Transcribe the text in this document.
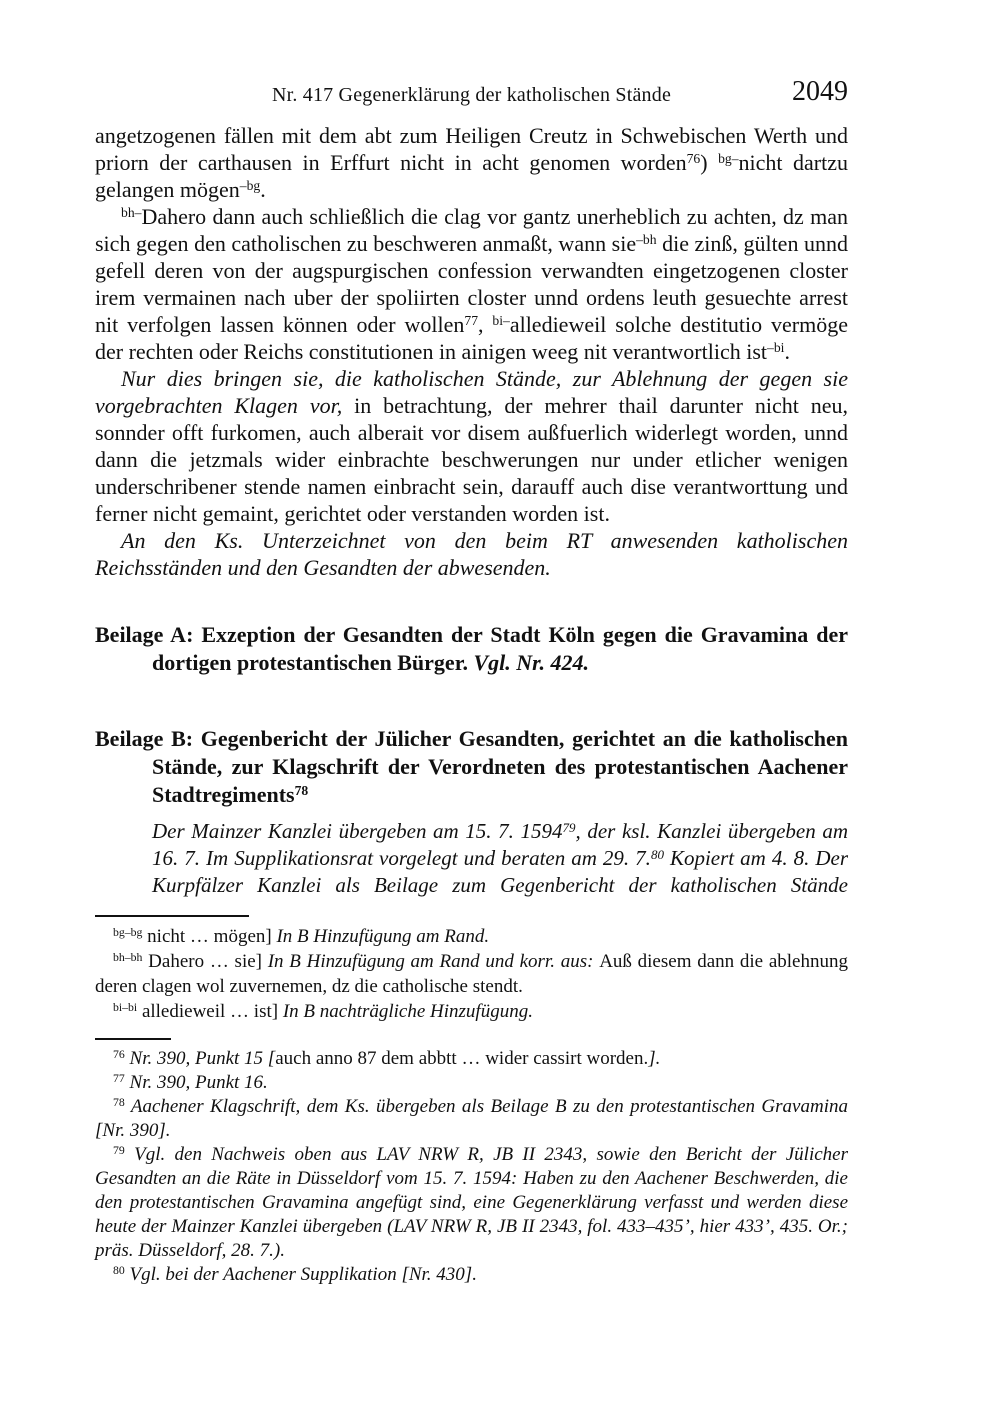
Nr. 417 Gegenerklärung der katholischen Stände	2049

angetzogenen fällen mit dem abt zum Heiligen Creutz in Schwebischen Werth und priorn der carthausen in Erffurt nicht in acht genomen worden$^{76}$) $^{bg-}$nicht dartzu gelangen mögen$^{-bg}$.

$^{bh-}$Dahero dann auch schließlich die clag vor gantz unerheblich zu achten, dz man sich gegen den catholischen zu beschweren anmaßt, wann sie$^{-bh}$ die zinß, gülten unnd gefell deren von der augspurgischen confession verwandten eingetzogenen closter irem vermainen nach uber der spoliirten closter unnd ordens leuth gesuechte arrest nit verfolgen lassen können oder wollen$^{77}$, $^{bi-}$alledieweil solche destitutio vermöge der rechten oder Reichs constitutionen in ainigen weeg nit verantwortlich ist$^{-bi}$.

Nur dies bringen sie, die katholischen Stände, zur Ablehnung der gegen sie vorgebrachten Klagen vor, in betrachtung, der mehrer thail darunter nicht neu, sonnder offt furkomen, auch alberait vor disem außfuerlich widerlegt worden, unnd dann die jetzmals wider einbrachte beschwerungen nur under etlicher wenigen underschribener stende namen einbracht sein, darauff auch dise verantworttung und ferner nicht gemaint, gerichtet oder verstanden worden ist.

An den Ks. Unterzeichnet von den beim RT anwesenden katholischen Reichsständen und den Gesandten der abwesenden.

Beilage A: Exzeption der Gesandten der Stadt Köln gegen die Gravamina der dortigen protestantischen Bürger. Vgl. Nr. 424.

Beilage B: Gegenbericht der Jülicher Gesandten, gerichtet an die katholischen Stände, zur Klagschrift der Verordneten des protestantischen Aachener Stadtregiments$^{78}$

Der Mainzer Kanzlei übergeben am 15. 7. 1594$^{79}$, der ksl. Kanzlei übergeben am 16. 7. Im Supplikationsrat vorgelegt und beraten am 29. 7.80 Kopiert am 4. 8. Der Kurpfälzer Kanzlei als Beilage zum Gegenbericht der katholischen Stände

$^{bg-bg}$ nicht … mögen] In B Hinzufügung am Rand.

$^{bh-bh}$ Dahero … sie] In B Hinzufügung am Rand und korr. aus: Auß diesem dann die ablehnung deren clagen wol zuvernemen, dz die catholische stendt.

$^{bi-bi}$ alledieweil … ist] In B nachträgliche Hinzufügung.

$^{76}$ Nr. 390, Punkt 15 [auch anno 87 dem abbtt … wider cassirt worden.].

$^{77}$ Nr. 390, Punkt 16.

$^{78}$ Aachener Klagschrift, dem Ks. übergeben als Beilage B zu den protestantischen Gravamina [Nr. 390].

$^{79}$ Vgl. den Nachweis oben aus LAV NRW R, JB II 2343, sowie den Bericht der Jülicher Gesandten an die Räte in Düsseldorf vom 15. 7. 1594: Haben zu den Aachener Beschwerden, die den protestantischen Gravamina angefügt sind, eine Gegenerklärung verfasst und werden diese heute der Mainzer Kanzlei übergeben (LAV NRW R, JB II 2343, fol. 433–435’, hier 433’, 435. Or.; präs. Düsseldorf, 28. 7.).

$^{80}$ Vgl. bei der Aachener Supplikation [Nr. 430].
